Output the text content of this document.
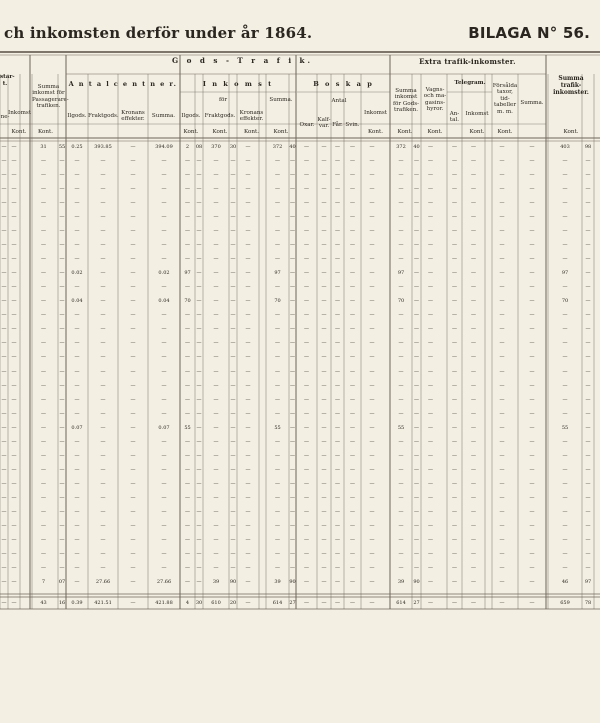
ch inkomsten derför under år 1864.	BILAGA N° 56.
G o d s - T r a f i k.	Extra trafik-inkomster.
Summa trafik-inkomster.
star-
t.
ne-
Kont.
Inkomst
Summa inkomst för Passagerare-trafiken.
Kont.
A n t a l c e n t n e r.	I n k o m s t	B o s k a p
Summa inkomst för Gods-trafiken.
Kont.
Ilgods. Fraktgods. Kronans effekter.
Summa.
för
Ilgods. Fraktgods. Kronans effekter.
Summa.
Kont.	Kont.	Kont.	Kont.
Antal
Oxar.
Kalf-var. Får. Svin.
Inkomst
Kont.
Vagns- och ma-gasins-hyror.
Kont.
Telegram.
An-tal.
Inkomst
Kont.
Försålda taxor, tid-tabeller m. m.
Kont.
Summa.
Kont.
—	—	31	55	0.25	393.85	—	394.09	2	08	370	30	—	372	40	—	—	—	—	—	372	40	—	—	—	—	—	403	98
—	—	—	—	—	—	—	—	—	—	—	—	—	—	—	—	—	—	—	—	—	—	—	—	—	—	—	—	—
—	—	—	—	—	—	—	—	—	—	—	—	—	—	—	—	—	—	—	—	—	—	—	—	—	—	—	—	—
—	—	—	—	—	—	—	—	—	—	—	—	—	—	—	—	—	—	—	—	—	—	—	—	—	—	—	—	—
—	—	—	—	—	—	—	—	—	—	—	—	—	—	—	—	—	—	—	—	—	—	—	—	—	—	—	—	—
—	—	—	—	—	—	—	—	—	—	—	—	—	—	—	—	—	—	—	—	—	—	—	—	—	—	—	—	—
—	—	—	—	—	—	—	—	—	—	—	—	—	—	—	—	—	—	—	—	—	—	—	—	—	—	—	—	—
—	—	—	—	—	—	—	—	—	—	—	—	—	—	—	—	—	—	—	—	—	—	—	—	—	—	—	—	—
—	—	—	—	—	—	—	—	—	—	—	—	—	—	—	—	—	—	—	—	—	—	—	—	—	—	—	—	—
—	—	—	—	0.02	—	—	0.02	97	—	—	—	—	97	—	—	—	—	—	—	97	—	—	—	—	—	—	97	—
—	—	—	—	—	—	—	—	—	—	—	—	—	—	—	—	—	—	—	—	—	—	—	—	—	—	—	—	—
—	—	—	—	0.04	—	—	0.04	70	—	—	—	—	70	—	—	—	—	—	—	70	—	—	—	—	—	—	70	—
—	—	—	—	—	—	—	—	—	—	—	—	—	—	—	—	—	—	—	—	—	—	—	—	—	—	—	—	—
—	—	—	—	—	—	—	—	—	—	—	—	—	—	—	—	—	—	—	—	—	—	—	—	—	—	—	—	—
—	—	—	—	—	—	—	—	—	—	—	—	—	—	—	—	—	—	—	—	—	—	—	—	—	—	—	—	—
—	—	—	—	—	—	—	—	—	—	—	—	—	—	—	—	—	—	—	—	—	—	—	—	—	—	—	—	—
—	—	—	—	—	—	—	—	—	—	—	—	—	—	—	—	—	—	—	—	—	—	—	—	—	—	—	—	—
—	—	—	—	—	—	—	—	—	—	—	—	—	—	—	—	—	—	—	—	—	—	—	—	—	—	—	—	—
—	—	—	—	—	—	—	—	—	—	—	—	—	—	—	—	—	—	—	—	—	—	—	—	—	—	—	—	—
—	—	—	—	—	—	—	—	—	—	—	—	—	—	—	—	—	—	—	—	—	—	—	—	—	—	—	—	—
—	—	—	—	0.07	—	—	0.07	55	—	—	—	—	55	—	—	—	—	—	—	55	—	—	—	—	—	—	55	—
—	—	—	—	—	—	—	—	—	—	—	—	—	—	—	—	—	—	—	—	—	—	—	—	—	—	—	—	—
—	—	—	—	—	—	—	—	—	—	—	—	—	—	—	—	—	—	—	—	—	—	—	—	—	—	—	—	—
—	—	—	—	—	—	—	—	—	—	—	—	—	—	—	—	—	—	—	—	—	—	—	—	—	—	—	—	—
—	—	—	—	—	—	—	—	—	—	—	—	—	—	—	—	—	—	—	—	—	—	—	—	—	—	—	—	—
—	—	—	—	—	—	—	—	—	—	—	—	—	—	—	—	—	—	—	—	—	—	—	—	—	—	—	—	—
—	—	—	—	—	—	—	—	—	—	—	—	—	—	—	—	—	—	—	—	—	—	—	—	—	—	—	—	—
—	—	—	—	—	—	—	—	—	—	—	—	—	—	—	—	—	—	—	—	—	—	—	—	—	—	—	—	—
—	—	—	—	—	—	—	—	—	—	—	—	—	—	—	—	—	—	—	—	—	—	—	—	—	—	—	—	—
—	—	—	—	—	—	—	—	—	—	—	—	—	—	—	—	—	—	—	—	—	—	—	—	—	—	—	—	—
—	—	—	—	—	—	—	—	—	—	—	—	—	—	—	—	—	—	—	—	—	—	—	—	—	—	—	—	—
—	—	7	07	—	27.66	—	27.66	—	—	39	90	—	39	90	—	—	—	—	—	39	90	—	—	—	—	—	46	97
—	—	43	16	0.39	421.51	—	421.88	4	30	610	20	—	614	27	—	—	—	—	—	614	27	—	—	—	—	—	659	78
